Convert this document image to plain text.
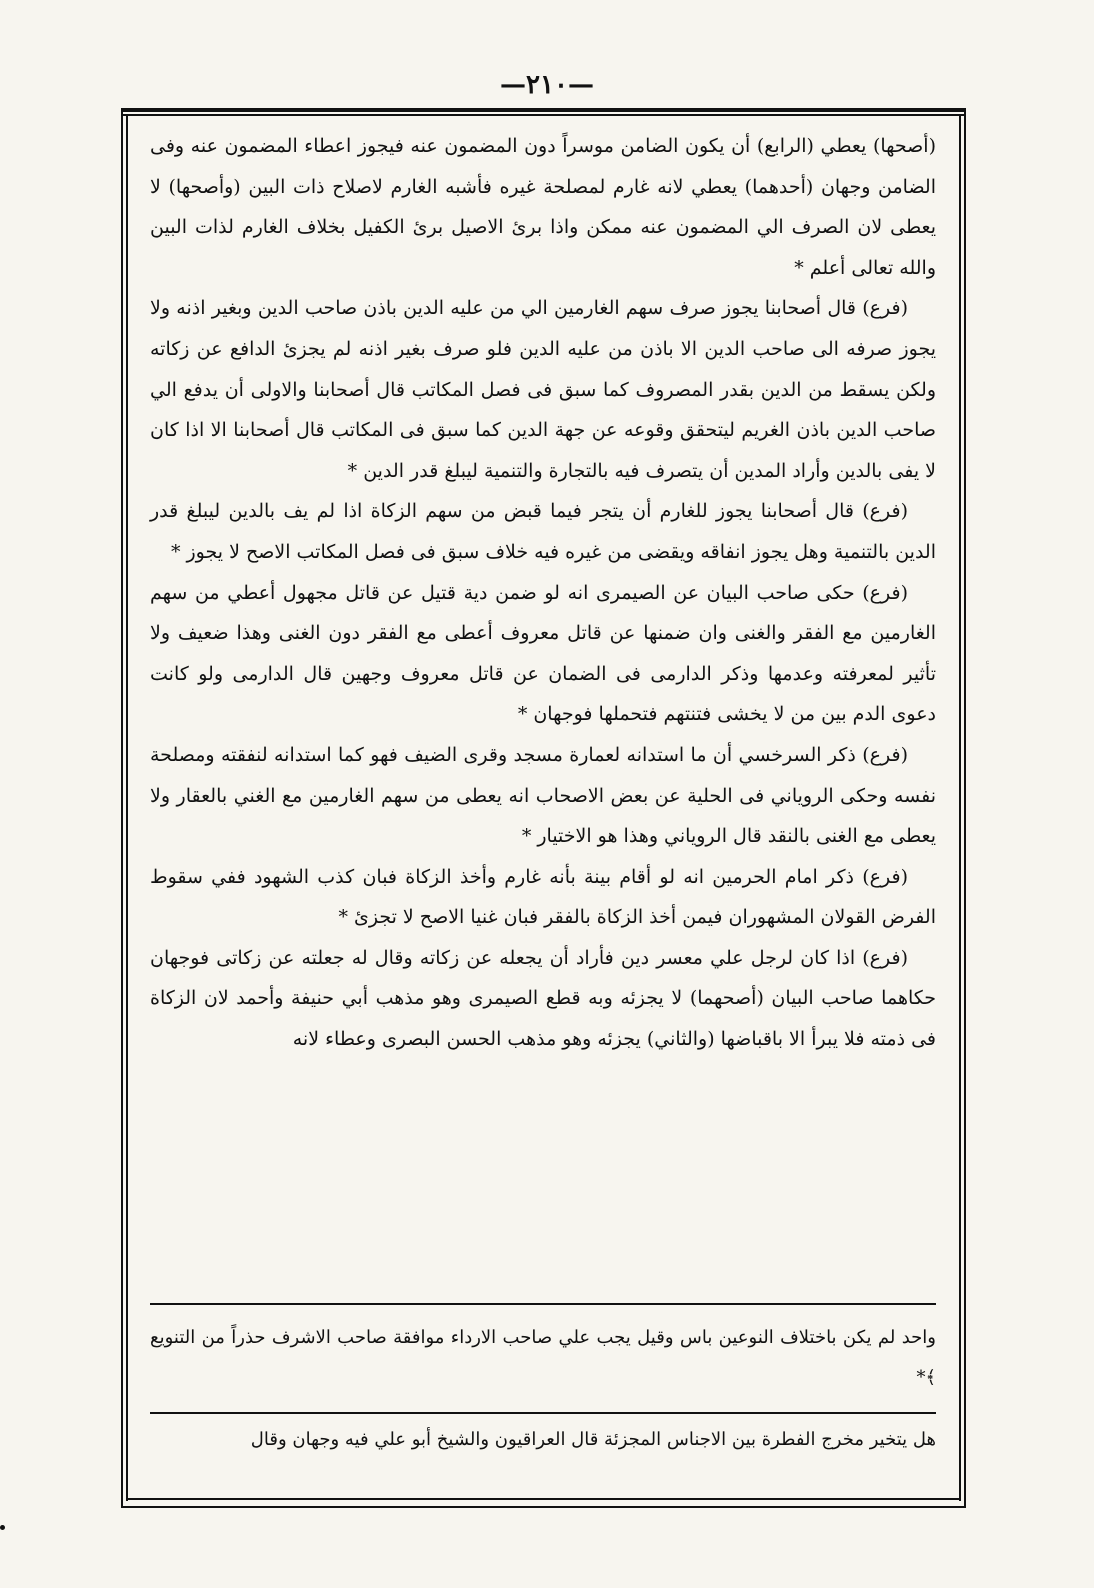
—٢١٠—

(أصحها) يعطي (الرابع) أن يكون الضامن موسراً دون المضمون عنه فيجوز اعطاء المضمون عنه وفى الضامن وجهان (أحدهما) يعطي لانه غارم لمصلحة غيره فأشبه الغارم لاصلاح ذات البين (وأصحها) لا يعطى لان الصرف الي المضمون عنه ممكن واذا برئ الاصيل برئ الكفيل بخلاف الغارم لذات البين والله تعالى أعلم *

(فرع) قال أصحابنا يجوز صرف سهم الغارمين الي من عليه الدين باذن صاحب الدين وبغير اذنه ولا يجوز صرفه الى صاحب الدين الا باذن من عليه الدين فلو صرف بغير اذنه لم يجزئ الدافع عن زكاته ولكن يسقط من الدين بقدر المصروف كما سبق فى فصل المكاتب قال أصحابنا والاولى أن يدفع الي صاحب الدين باذن الغريم ليتحقق وقوعه عن جهة الدين كما سبق فى المكاتب قال أصحابنا الا اذا كان لا يفى بالدين وأراد المدين أن يتصرف فيه بالتجارة والتنمية ليبلغ قدر الدين *

(فرع) قال أصحابنا يجوز للغارم أن يتجر فيما قبض من سهم الزكاة اذا لم يف بالدين ليبلغ قدر الدين بالتنمية وهل يجوز انفاقه ويقضى من غيره فيه خلاف سبق فى فصل المكاتب الاصح لا يجوز *

(فرع) حكى صاحب البيان عن الصيمرى انه لو ضمن دية قتيل عن قاتل مجهول أعطي من سهم الغارمين مع الفقر والغنى وان ضمنها عن قاتل معروف أعطى مع الفقر دون الغنى وهذا ضعيف ولا تأثير لمعرفته وعدمها وذكر الدارمى فى الضمان عن قاتل معروف وجهين قال الدارمى ولو كانت دعوى الدم بين من لا يخشى فتنتهم فتحملها فوجهان *

(فرع) ذكر السرخسي أن ما استدانه لعمارة مسجد وقرى الضيف فهو كما استدانه لنفقته ومصلحة نفسه وحكى الروياني فى الحلية عن بعض الاصحاب انه يعطى من سهم الغارمين مع الغني بالعقار ولا يعطى مع الغنى بالنقد قال الروياني وهذا هو الاختيار *

(فرع) ذكر امام الحرمين انه لو أقام بينة بأنه غارم وأخذ الزكاة فبان كذب الشهود ففي سقوط الفرض القولان المشهوران فيمن أخذ الزكاة بالفقر فبان غنيا الاصح لا تجزئ *

(فرع) اذا كان لرجل علي معسر دين فأراد أن يجعله عن زكاته وقال له جعلته عن زكاتى فوجهان حكاهما صاحب البيان (أصحهما) لا يجزئه وبه قطع الصيمرى وهو مذهب أبي حنيفة وأحمد لان الزكاة فى ذمته فلا يبرأ الا باقباضها (والثاني) يجزئه وهو مذهب الحسن البصرى وعطاء لانه

واحد لم يكن باختلاف النوعين باس وقيل يجب علي صاحب الارداء موافقة صاحب الاشرف حذراً من التنويع ﴾*
هل يتخير مخرج الفطرة بين الاجناس المجزئة قال العراقيون والشيخ أبو علي فيه وجهان وقال
